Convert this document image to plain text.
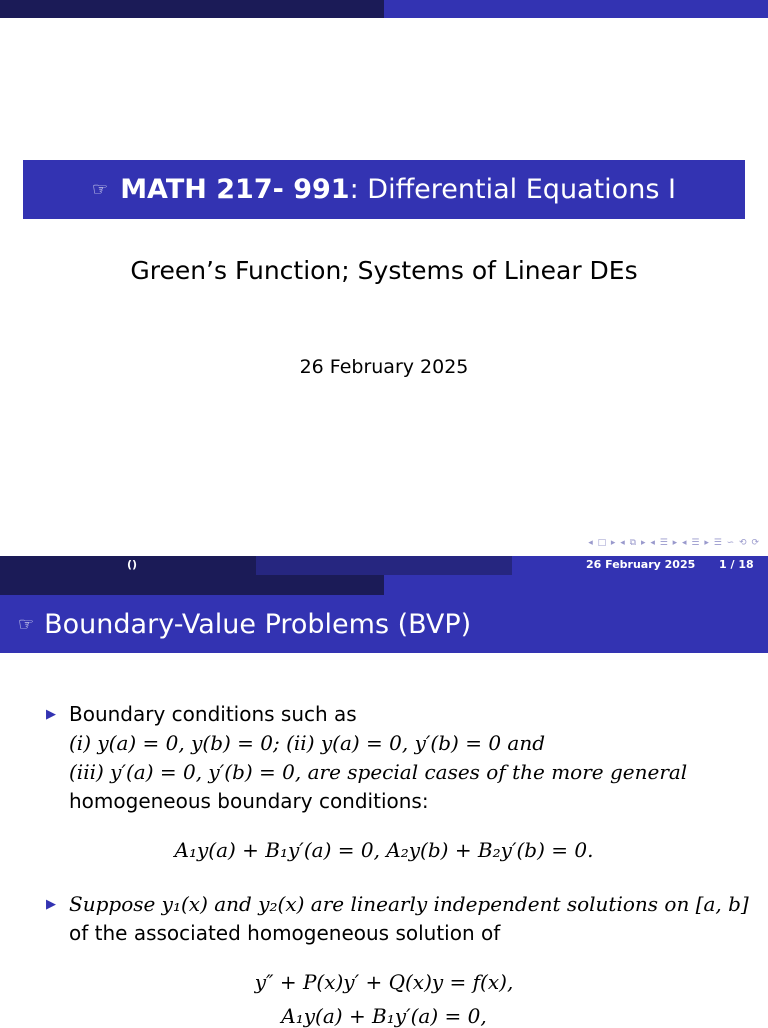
☞ MATH 217- 991 : Differential Equations I
Green’s Function; Systems of Linear DEs
26 February 2025
◂ □ ▸ ◂ ⧉ ▸ ◂ ☰ ▸ ◂ ☰ ▸ ☰ ∽ ⟲ ⟳
()	26 February 2025 1 / 18
☞ Boundary-Value Problems (BVP)
▶ Boundary conditions such as
(i) y(a) = 0, y(b) = 0; (ii) y(a) = 0, y′(b) = 0 and
(iii) y′(a) = 0, y′(b) = 0, are special cases of the more general
homogeneous boundary conditions:
A₁y(a) + B₁y′(a) = 0, A₂y(b) + B₂y′(b) = 0.
▶ Suppose y₁(x) and y₂(x) are linearly independent solutions on [a, b]
of the associated homogeneous solution of
y″ + P(x)y′ + Q(x)y = f(x),
A₁y(a) + B₁y′(a) = 0,
